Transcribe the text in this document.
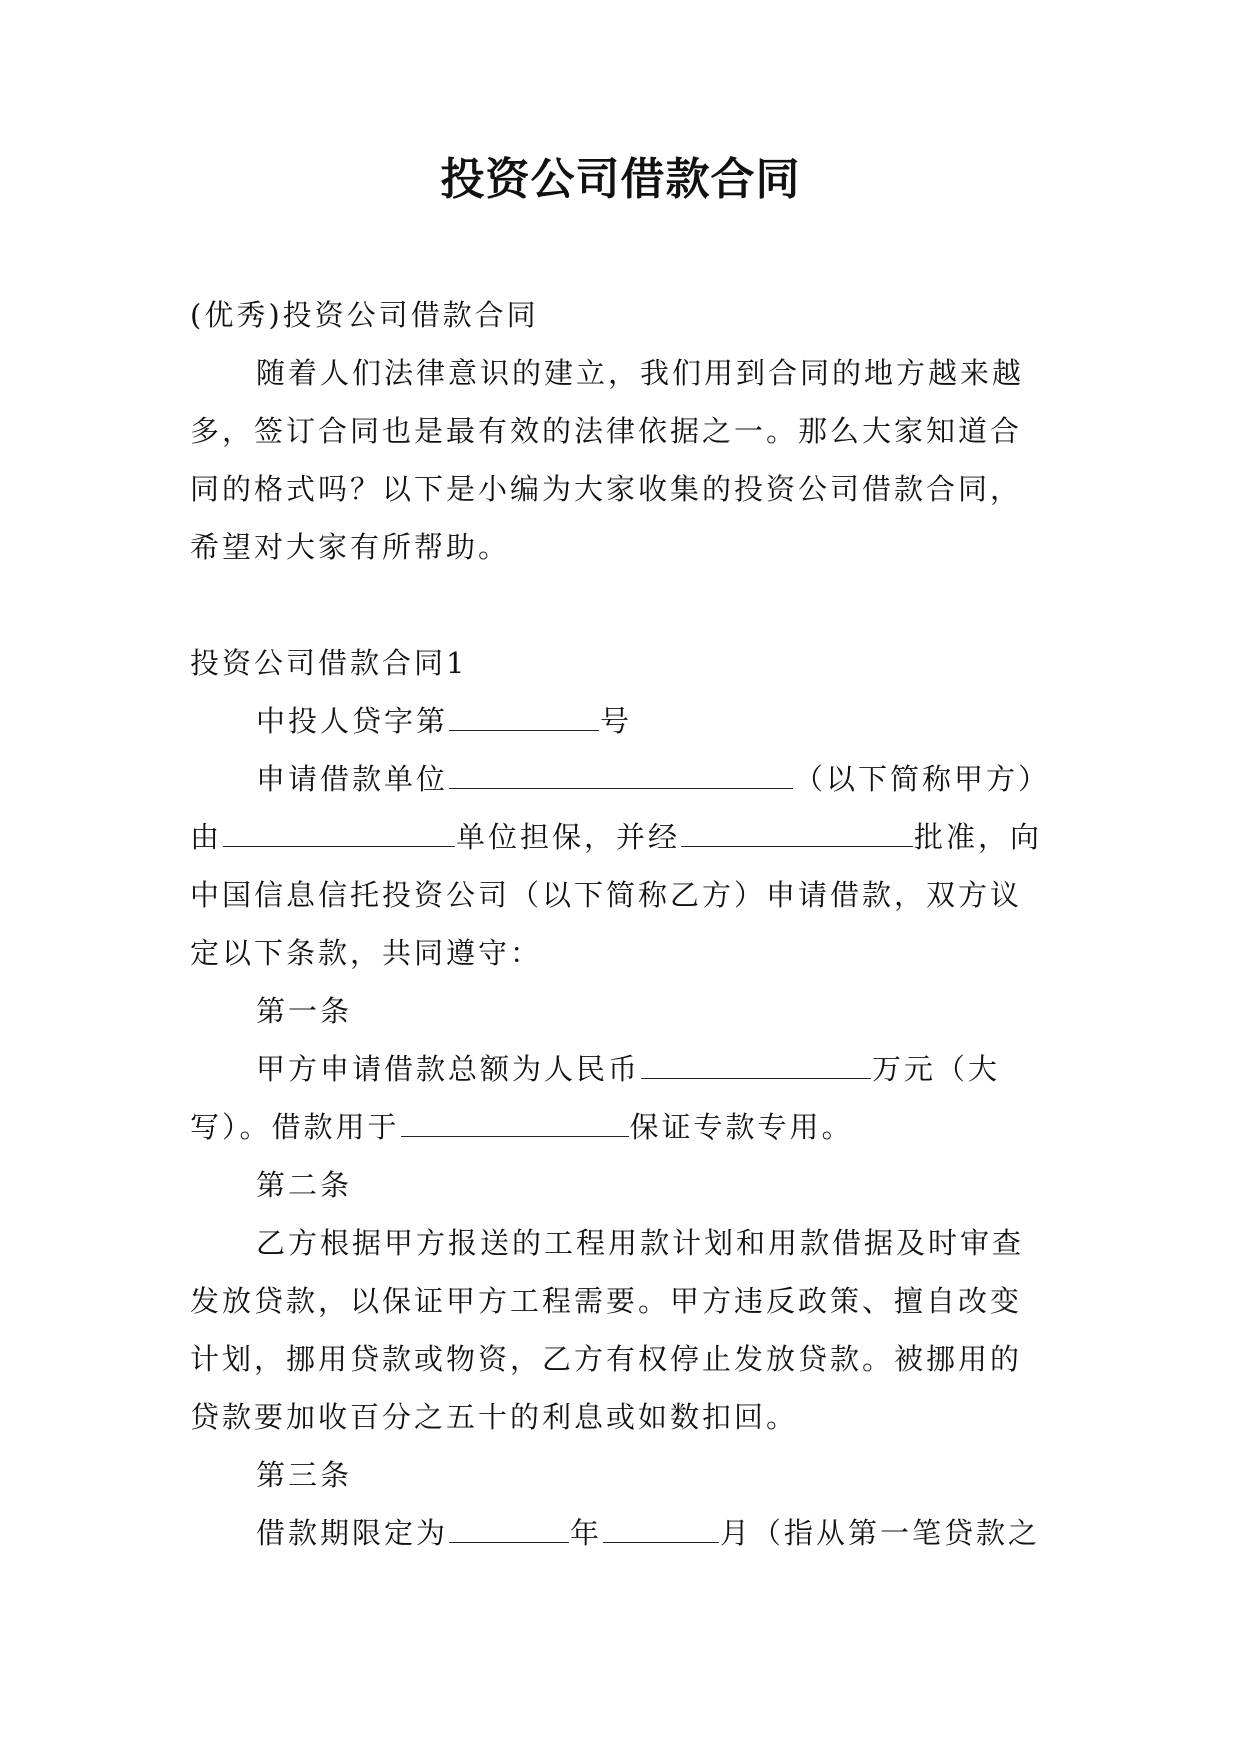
投资公司借款合同

(优秀)投资公司借款合同

随着人们法律意识的建立，我们用到合同的地方越来越多，签订合同也是最有效的法律依据之一。那么大家知道合同的格式吗？以下是小编为大家收集的投资公司借款合同，希望对大家有所帮助。

投资公司借款合同1

中投人贷字第	号

申请借款单位	（以下简称甲方）由	单位担保，并经	批准，向中国信息信托投资公司（以下简称乙方）申请借款，双方议定以下条款，共同遵守：

第一条

甲方申请借款总额为人民币	万元（大写）。借款用于	保证专款专用。

第二条

乙方根据甲方报送的工程用款计划和用款借据及时审查发放贷款，以保证甲方工程需要。甲方违反政策、擅自改变计划，挪用贷款或物资，乙方有权停止发放贷款。被挪用的贷款要加收百分之五十的利息或如数扣回。

第三条

借款期限定为	年	月（指从第一笔贷款之
